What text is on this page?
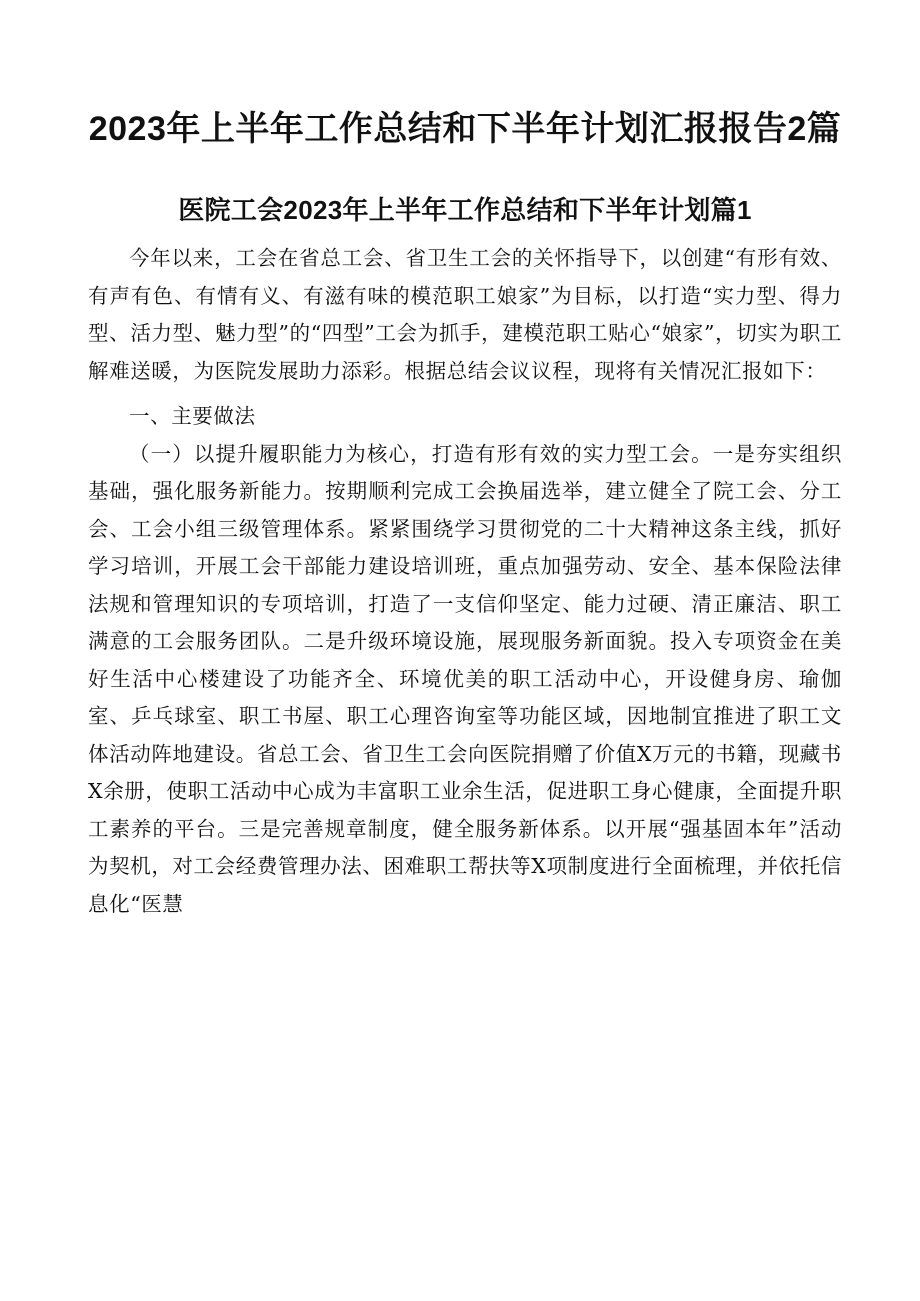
2023年上半年工作总结和下半年计划汇报报告2篇
医院工会2023年上半年工作总结和下半年计划篇1

今年以来，工会在省总工会、省卫生工会的关怀指导下，以创建“有形有效、有声有色、有情有义、有滋有味的模范职工娘家”为目标，以打造“实力型、得力型、活力型、魅力型”的“四型”工会为抓手，建模范职工贴心“娘家”，切实为职工解难送暖，为医院发展助力添彩。根据总结会议议程，现将有关情况汇报如下：

一、主要做法

（一）以提升履职能力为核心，打造有形有效的实力型工会。一是夯实组织基础，强化服务新能力。按期顺利完成工会换届选举，建立健全了院工会、分工会、工会小组三级管理体系。紧紧围绕学习贯彻党的二十大精神这条主线，抓好学习培训，开展工会干部能力建设培训班，重点加强劳动、安全、基本保险法律法规和管理知识的专项培训，打造了一支信仰坚定、能力过硬、清正廉洁、职工满意的工会服务团队。二是升级环境设施，展现服务新面貌。投入专项资金在美好生活中心楼建设了功能齐全、环境优美的职工活动中心，开设健身房、瑜伽室、乒乓球室、职工书屋、职工心理咨询室等功能区域，因地制宜推进了职工文体活动阵地建设。省总工会、省卫生工会向医院捐赠了价值X万元的书籍，现藏书X余册，使职工活动中心成为丰富职工业余生活，促进职工身心健康，全面提升职工素养的平台。三是完善规章制度，健全服务新体系。以开展“强基固本年”活动为契机，对工会经费管理办法、困难职工帮扶等X项制度进行全面梳理，并依托信息化“医慧
